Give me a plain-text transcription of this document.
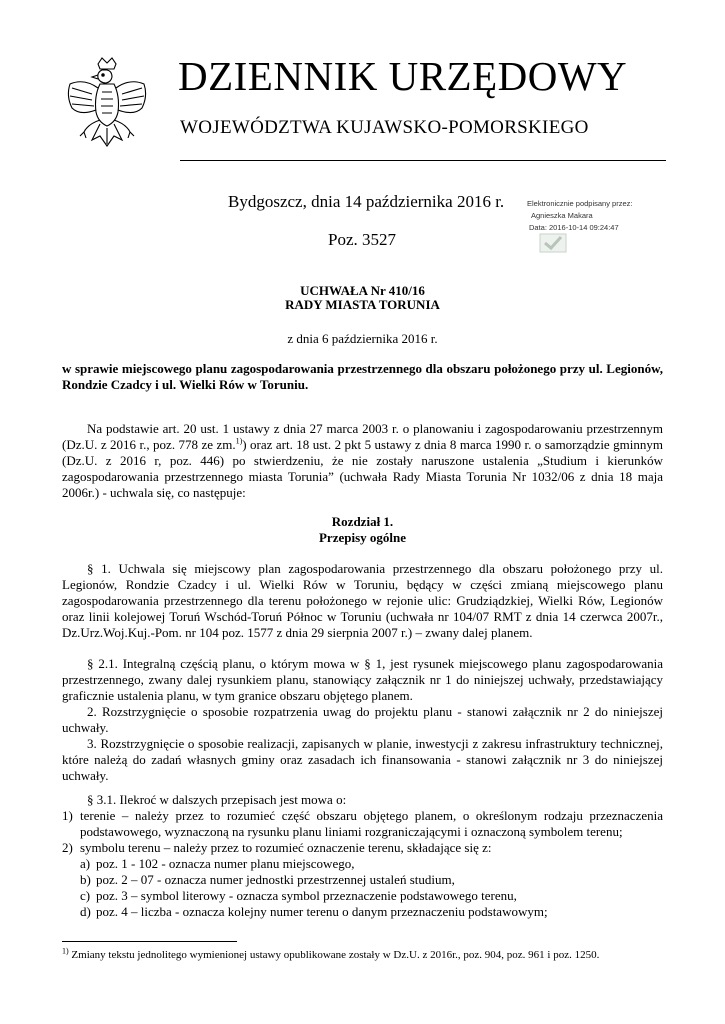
DZIENNIK URZĘDOWY
WOJEWÓDZTWA KUJAWSKO-POMORSKIEGO
Bydgoszcz, dnia 14 października 2016 r.
Poz. 3527
Elektronicznie podpisany przez:
Agnieszka Makara
Data: 2016-10-14 09:24:47
UCHWAŁA Nr 410/16
RADY MIASTA TORUNIA
z dnia 6 października 2016 r.
w sprawie miejscowego planu zagospodarowania przestrzennego dla obszaru położonego przy ul. Legionów, Rondzie Czadcy i ul. Wielki Rów w Toruniu.

Na podstawie art. 20 ust. 1 ustawy z dnia 27 marca 2003 r. o planowaniu i zagospodarowaniu przestrzennym (Dz.U. z 2016 r., poz. 778 ze zm.$^{1)}$) oraz art. 18 ust. 2 pkt 5 ustawy z dnia 8 marca 1990 r. o samorządzie gminnym (Dz.U. z 2016 r, poz. 446) po stwierdzeniu, że nie zostały naruszone ustalenia „Studium i kierunków zagospodarowania przestrzennego miasta Torunia” (uchwała Rady Miasta Torunia Nr 1032/06 z dnia 18 maja 2006r.) - uchwala się, co następuje:

Rozdział 1.
Przepisy ogólne

§ 1. Uchwala się miejscowy plan zagospodarowania przestrzennego dla obszaru położonego przy ul. Legionów, Rondzie Czadcy i ul. Wielki Rów w Toruniu, będący w części zmianą miejscowego planu zagospodarowania przestrzennego dla terenu położonego w rejonie ulic: Grudziądzkiej, Wielki Rów, Legionów oraz linii kolejowej Toruń Wschód-Toruń Północ w Toruniu (uchwała nr 104/07 RMT z dnia 14 czerwca 2007r., Dz.Urz.Woj.Kuj.-Pom. nr 104 poz. 1577 z dnia 29 sierpnia 2007 r.) – zwany dalej planem.

§ 2.1. Integralną częścią planu, o którym mowa w § 1, jest rysunek miejscowego planu zagospodarowania przestrzennego, zwany dalej rysunkiem planu, stanowiący załącznik nr 1 do niniejszej uchwały, przedstawiający graficznie ustalenia planu, w tym granice obszaru objętego planem.

2. Rozstrzygnięcie o sposobie rozpatrzenia uwag do projektu planu - stanowi załącznik nr 2 do niniejszej uchwały.

3. Rozstrzygnięcie o sposobie realizacji, zapisanych w planie, inwestycji z zakresu infrastruktury technicznej, które należą do zadań własnych gminy oraz zasadach ich finansowania - stanowi załącznik nr 3 do niniejszej uchwały.

§ 3.1. Ilekroć w dalszych przepisach jest mowa o:

1) terenie – należy przez to rozumieć część obszaru objętego planem, o określonym rodzaju przeznaczenia podstawowego, wyznaczoną na rysunku planu liniami rozgraniczającymi i oznaczoną symbolem terenu;

2) symbolu terenu – należy przez to rozumieć oznaczenie terenu, składające się z:

a) poz. 1 - 102 - oznacza numer planu miejscowego,

b) poz. 2 – 07 - oznacza numer jednostki przestrzennej ustaleń studium,

c) poz. 3 – symbol literowy - oznacza symbol przeznaczenie podstawowego terenu,

d) poz. 4 – liczba - oznacza kolejny numer terenu o danym przeznaczeniu podstawowym;

$^{1)}$ Zmiany tekstu jednolitego wymienionej ustawy opublikowane zostały w Dz.U. z 2016r., poz. 904, poz. 961 i poz. 1250.
